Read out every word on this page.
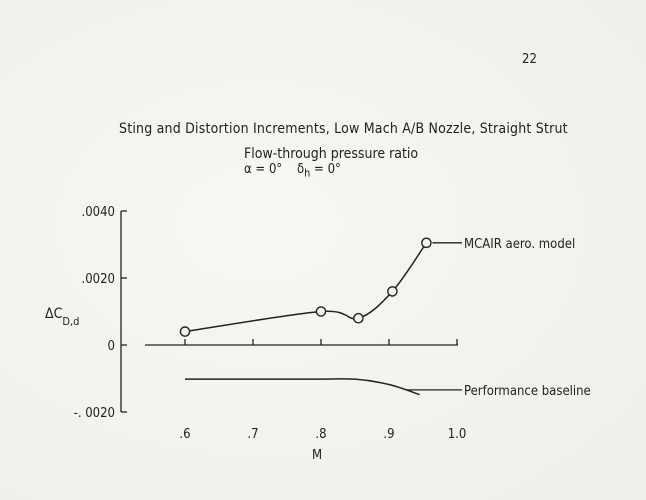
22
Sting and Distortion Increments, Low Mach A/B Nozzle, Straight Strut
Flow-through pressure ratio
α = 0° $\delta_h = 0^\circ$
.0040
.0020
0
-. 0020
.6	.7	.8	.9	1.0
MCAIR aero. model
Performance baseline
M
$\Delta C_{D,d}$
